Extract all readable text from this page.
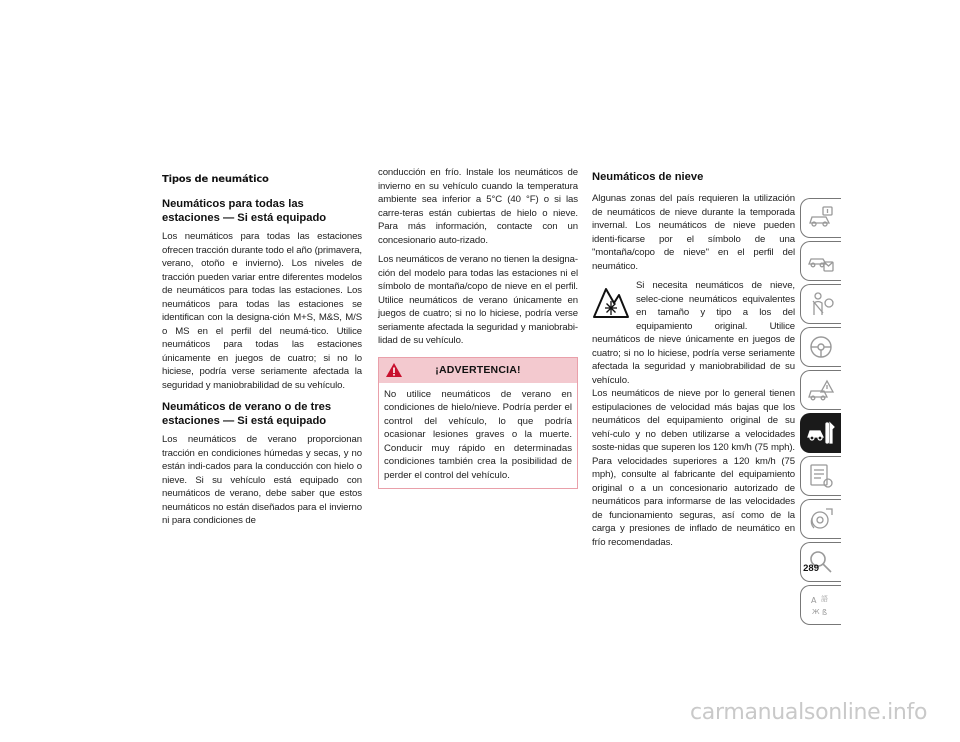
Tipos de neumático
Neumáticos para todas las estaciones — Si está equipado

Los neumáticos para todas las estaciones ofrecen tracción durante todo el año (primavera, verano, otoño e invierno). Los niveles de tracción pueden variar entre diferentes modelos de neumáticos para todas las estaciones. Los neumáticos para todas las estaciones se identifican con la designa-ción M+S, M&S, M/S o MS en el perfil del neumá-tico. Utilice neumáticos para todas las estaciones únicamente en juegos de cuatro; si no lo hiciese, podría verse seriamente afectada la seguridad y maniobrabilidad de su vehículo.

Neumáticos de verano o de tres estaciones — Si está equipado

Los neumáticos de verano proporcionan tracción en condiciones húmedas y secas, y no están indi-cados para la conducción con hielo o nieve. Si su vehículo está equipado con neumáticos de verano, debe saber que estos neumáticos no están diseñados para el invierno ni para condiciones de

conducción en frío. Instale los neumáticos de invierno en su vehículo cuando la temperatura ambiente sea inferior a 5°C (40 °F) o si las carre-teras están cubiertas de hielo o nieve. Para más información, contacte con un concesionario auto-rizado.

Los neumáticos de verano no tienen la designa-ción del modelo para todas las estaciones ni el símbolo de montaña/copo de nieve en el perfil. Utilice neumáticos de verano únicamente en juegos de cuatro; si no lo hiciese, podría verse seriamente afectada la seguridad y maniobrabi-lidad de su vehículo.

¡ADVERTENCIA!

No utilice neumáticos de verano en condiciones de hielo/nieve. Podría perder el control del vehículo, lo que podría ocasionar lesiones graves o la muerte. Conducir muy rápido en determinadas condiciones también crea la posibilidad de perder el control del vehículo.

Neumáticos de nieve

Algunas zonas del país requieren la utilización de neumáticos de nieve durante la temporada invernal. Los neumáticos de nieve pueden identi-ficarse por el símbolo de una "montaña/copo de nieve" en el perfil del neumático.

Si necesita neumáticos de nieve, selec-cione neumáticos equivalentes en tamaño y tipo a los del equipamiento original. Utilice neumáticos de nieve únicamente en juegos de cuatro; si no lo hiciese, podría verse seriamente afectada la seguridad y maniobrabilidad de su vehículo.

Los neumáticos de nieve por lo general tienen estipulaciones de velocidad más bajas que los neumáticos del equipamiento original de su vehí-culo y no deben utilizarse a velocidades soste-nidas que superen los 120 km/h (75 mph). Para velocidades superiores a 120 km/h (75 mph), consulte al fabricante del equipamiento original o a un concesionario autorizado de neumáticos para informarse de las velocidades de funcionamiento seguras, así como de la carga y presiones de inflado de neumático en frío recomendadas.

A 語
Ж ß
289
carmanualsonline.info
